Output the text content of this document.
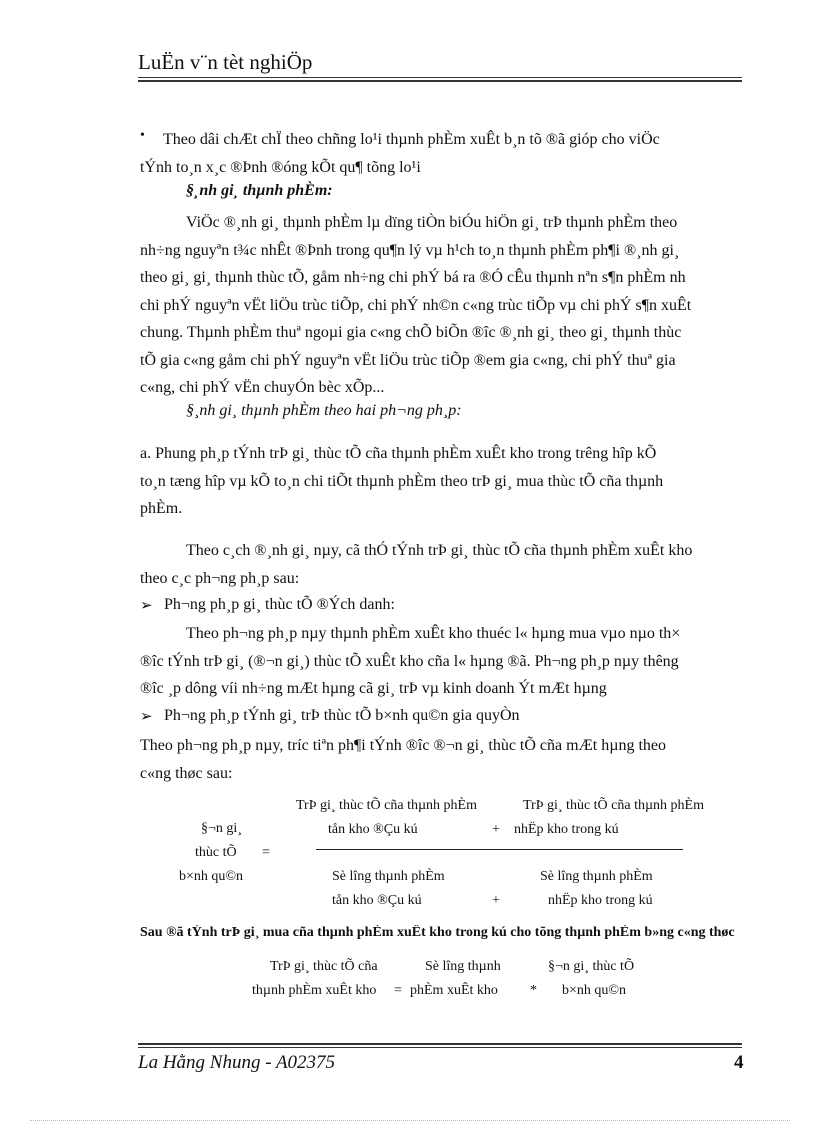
LuËn v¨n tèt nghiÖp
• Theo dâi chÆt chÏ theo chñng lo¹i thµnh phÈm xuÊt b¸n tõ ®ã gióp cho viÖc
tÝnh to¸n x¸c ®Þnh ®óng kÕt qu¶ tõng lo¹i
§¸nh gi¸ thµnh phÈm:
ViÖc ®¸nh gi¸ thµnh phÈm lµ dïng tiÒn biÓu hiÖn gi¸ trÞ thµnh phÈm theo
nh÷ng nguyªn t¾c nhÊt ®Þnh trong qu¶n lý vµ h¹ch to¸n thµnh phÈm ph¶i ®¸nh gi¸
theo gi¸ gi¸ thµnh thùc tÕ, gåm nh÷ng chi phÝ bá ra ®Ó cÊu thµnh nªn s¶n phÈm nh
chi phÝ nguyªn vËt liÖu trùc tiÕp, chi phÝ nh©n c«ng trùc tiÕp vµ chi phÝ s¶n xuÊt
chung. Thµnh phÈm thuª ngoµi gia c«ng chÕ biÕn ®îc ®¸nh gi¸ theo gi¸ thµnh thùc
tÕ gia c«ng gåm chi phÝ nguyªn vËt liÖu trùc tiÕp ®em gia c«ng, chi phÝ thuª gia
c«ng, chi phÝ vËn chuyÓn bèc xÕp...
§¸nh gi¸ thµnh phÈm theo hai ph¬ng ph¸p:
a. Phung ph¸p tÝnh trÞ gi¸ thùc tÕ cña thµnh phÈm xuÊt kho trong trêng hîp kÕ
to¸n tæng hîp vµ kÕ to¸n chi tiÕt thµnh phÈm theo trÞ gi¸ mua thùc tÕ cña thµnh
phÈm.
Theo c¸ch ®¸nh gi¸ nµy, cã thÓ tÝnh trÞ gi¸ thùc tÕ cña thµnh phÈm xuÊt kho
theo c¸c ph¬ng ph¸p sau:
➢ Ph¬ng ph¸p gi¸ thùc tÕ ®Ých danh:
Theo ph¬ng ph¸p nµy thµnh phÈm xuÊt kho thuéc l« hµng mua vµo nµo th×
®îc tÝnh trÞ gi¸ (®¬n gi¸) thùc tÕ xuÊt kho cña l« hµng ®ã. Ph¬ng ph¸p nµy thêng
®îc ¸p dông víi nh÷ng mÆt hµng cã gi¸ trÞ vµ kinh doanh Ýt mÆt hµng
➢ Ph¬ng ph¸p tÝnh gi¸ trÞ thùc tÕ b×nh qu©n gia quyÒn
Theo ph¬ng ph¸p nµy, tríc tiªn ph¶i tÝnh ®îc ®¬n gi¸ thùc tÕ cña mÆt hµng theo
c«ng thøc sau:
§¬n gi¸
thùc tÕ
b×nh qu©n
=
TrÞ gi¸ thùc tÕ cña thµnh phÈm
tån kho ®Çu kú	+
TrÞ gi¸ thùc tÕ cña thµnh phÈm
nhËp kho trong kú
Sè lîng thµnh phÈm
tån kho ®Çu kú	+
Sè lîng thµnh phÈm
nhËp kho trong kú
Sau ®ã tÝnh trÞ gi¸ mua cña thµnh phÈm xuÊt kho trong kú cho tõng thµnh phÈm b»ng c«ng thøc
TrÞ gi¸ thùc tÕ cña
thµnh phÈm xuÊt kho =
Sè lîng thµnh
phÈm xuÊt kho *
§¬n gi¸ thùc tÕ
b×nh qu©n
La Hằng Nhung - A02375	4
